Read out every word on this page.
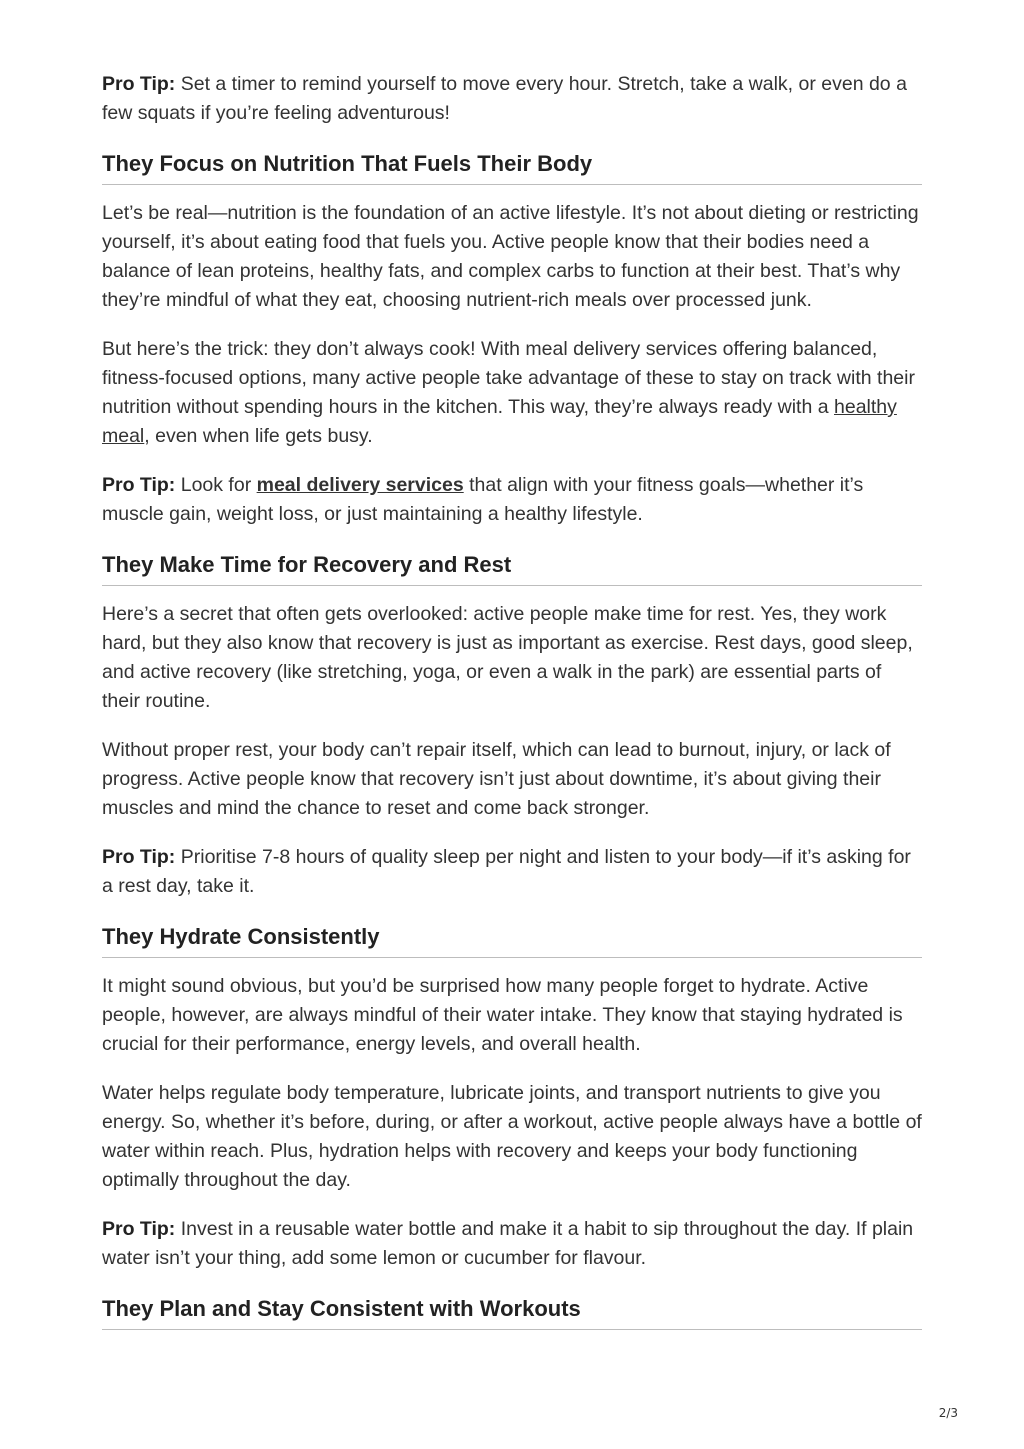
Pro Tip: Set a timer to remind yourself to move every hour. Stretch, take a walk, or even do a few squats if you’re feeling adventurous!

They Focus on Nutrition That Fuels Their Body

Let’s be real—nutrition is the foundation of an active lifestyle. It’s not about dieting or restricting yourself, it’s about eating food that fuels you. Active people know that their bodies need a balance of lean proteins, healthy fats, and complex carbs to function at their best. That’s why they’re mindful of what they eat, choosing nutrient-rich meals over processed junk.

But here’s the trick: they don’t always cook! With meal delivery services offering balanced, fitness-focused options, many active people take advantage of these to stay on track with their nutrition without spending hours in the kitchen. This way, they’re always ready with a healthy meal, even when life gets busy.

Pro Tip: Look for meal delivery services that align with your fitness goals—whether it’s muscle gain, weight loss, or just maintaining a healthy lifestyle.

They Make Time for Recovery and Rest

Here’s a secret that often gets overlooked: active people make time for rest. Yes, they work hard, but they also know that recovery is just as important as exercise. Rest days, good sleep, and active recovery (like stretching, yoga, or even a walk in the park) are essential parts of their routine.

Without proper rest, your body can’t repair itself, which can lead to burnout, injury, or lack of progress. Active people know that recovery isn’t just about downtime, it’s about giving their muscles and mind the chance to reset and come back stronger.

Pro Tip: Prioritise 7-8 hours of quality sleep per night and listen to your body—if it’s asking for a rest day, take it.

They Hydrate Consistently

It might sound obvious, but you’d be surprised how many people forget to hydrate. Active people, however, are always mindful of their water intake. They know that staying hydrated is crucial for their performance, energy levels, and overall health.

Water helps regulate body temperature, lubricate joints, and transport nutrients to give you energy. So, whether it’s before, during, or after a workout, active people always have a bottle of water within reach. Plus, hydration helps with recovery and keeps your body functioning optimally throughout the day.

Pro Tip: Invest in a reusable water bottle and make it a habit to sip throughout the day. If plain water isn’t your thing, add some lemon or cucumber for flavour.

They Plan and Stay Consistent with Workouts
2/3
